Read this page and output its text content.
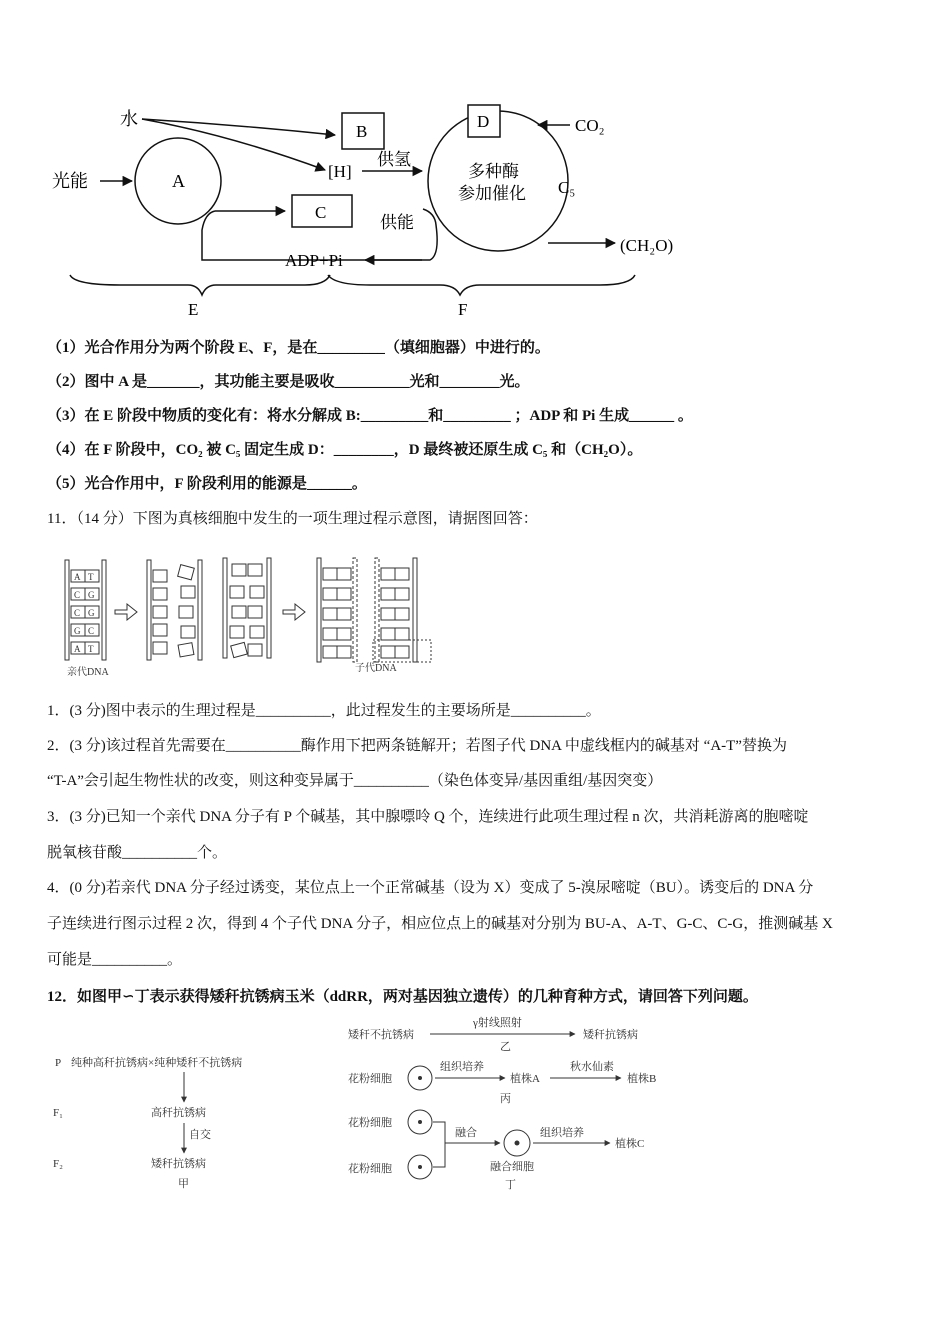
水
光能	A
B
[H]
供氢
C
供能
ADP+Pi
D
多种酶
参加催化
CO₂
C₅
(CH₂O)
E	F
（1）光合作用分为两个阶段 E、F，是在_________（填细胞器）中进行的。
（2）图中 A 是_______，其功能主要是吸收__________光和________光。
（3）在 E 阶段中物质的变化有：将水分解成 B:_________和_________ ；ADP 和 Pi 生成______ 。
（4）在 F 阶段中，CO₂ 被 C₅ 固定生成 D：________，D 最终被还原生成 C₅ 和（CH₂O）。
（5）光合作用中，F 阶段利用的能源是______。
11．（14 分）下图为真核细胞中发生的一项生理过程示意图，请据图回答：
A T
C G
C G
G C
A T
亲代DNA	子代DNA
1．(3 分)图中表示的生理过程是__________，此过程发生的主要场所是__________。
2．(3 分)该过程首先需要在__________酶作用下把两条链解开；若图子代 DNA 中虚线框内的碱基对 “A-T”替换为
“T-A”会引起生物性状的改变，则这种变异属于__________（染色体变异/基因重组/基因突变）
3．(3 分)已知一个亲代 DNA 分子有 P 个碱基，其中腺嘌呤 Q 个，连续进行此项生理过程 n 次，共消耗游离的胞嘧啶
脱氧核苷酸__________个。
4．(0 分)若亲代 DNA 分子经过诱变，某位点上一个正常碱基（设为 X）变成了 5-溴尿嘧啶（BU）。诱变后的 DNA 分
子连续进行图示过程 2 次，得到 4 个子代 DNA 分子，相应位点上的碱基对分别为 BU-A、A-T、G-C、C-G，推测碱基 X
可能是__________。
12．如图甲∽丁表示获得矮秆抗锈病玉米（ddRR，两对基因独立遗传）的几种育种方式，请回答下列问题。
P 纯种高秆抗锈病×纯种矮秆不抗锈病
F₁	高秆抗锈病
自交
F₂	矮秆抗锈病
甲
矮秆不抗锈病
γ射线照射
矮秆抗锈病
乙
花粉细胞
组织培养
植株A
秋水仙素
植株B
丙
花粉细胞
花粉细胞
融合	组织培养
植株C
融合细胞
丁
